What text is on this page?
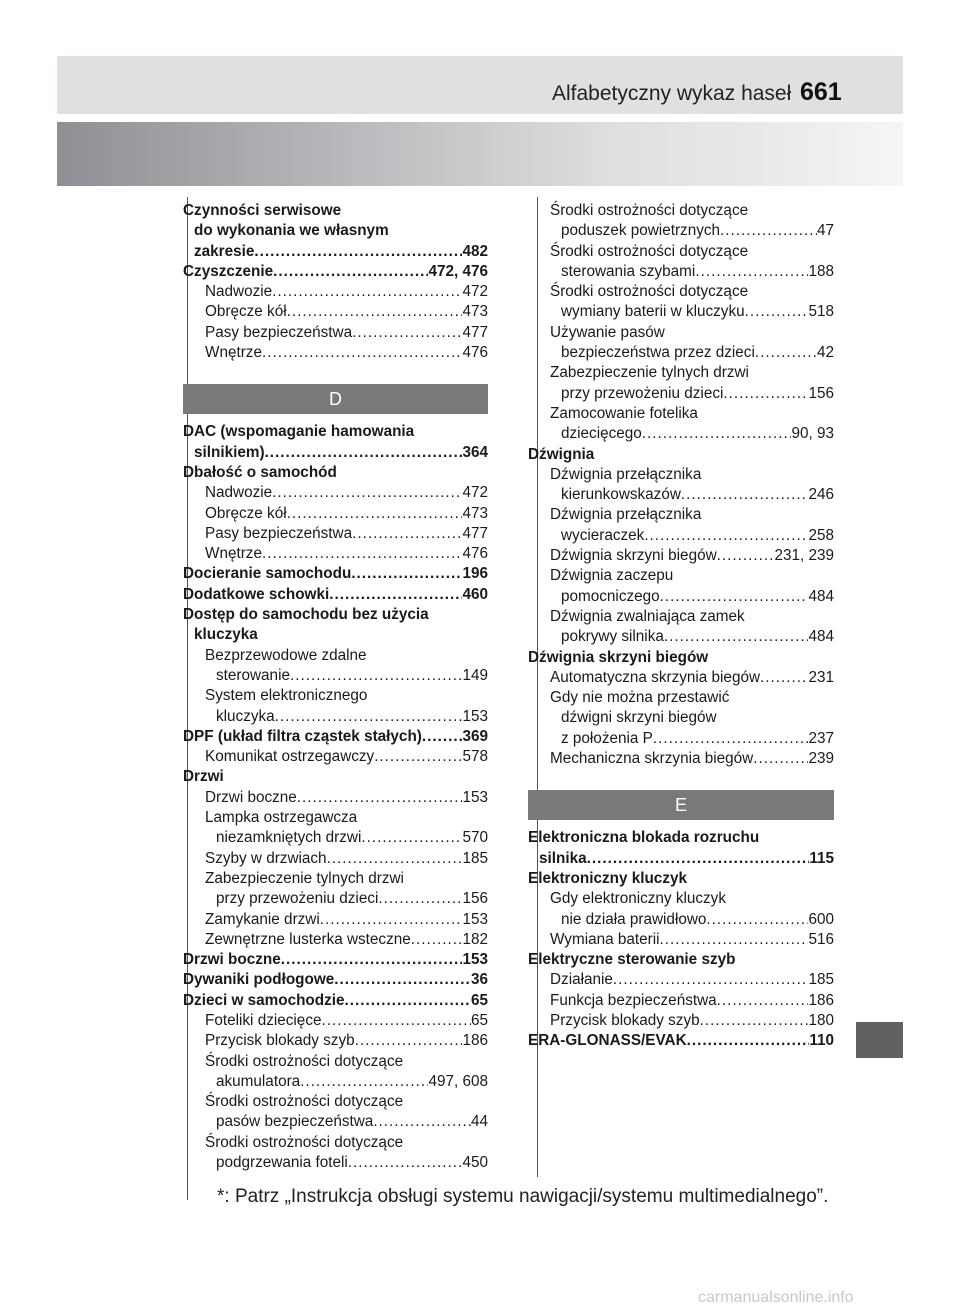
Alfabetyczny wykaz haseł 661
Czynności serwisowe
do wykonania we własnym
zakresie .....	482
Czyszczenie .....	472, 476
Nadwozie .....	472
Obręcze kół .....	473
Pasy bezpieczeństwa .....	477
Wnętrze .....	476
D
DAC (wspomaganie hamowania
silnikiem) .....	364
Dbałość o samochód
Nadwozie .....	472
Obręcze kół .....	473
Pasy bezpieczeństwa .....	477
Wnętrze .....	476
Docieranie samochodu .....	196
Dodatkowe schowki .....	460
Dostęp do samochodu bez użycia
kluczyka
Bezprzewodowe zdalne
sterowanie .....	149
System elektronicznego
kluczyka .....	153
DPF (układ filtra cząstek stałych) .....	369
Komunikat ostrzegawczy .....	578
Drzwi
Drzwi boczne .....	153
Lampka ostrzegawcza
niezamkniętych drzwi .....	570
Szyby w drzwiach .....	185
Zabezpieczenie tylnych drzwi
przy przewożeniu dzieci .....	156
Zamykanie drzwi .....	153
Zewnętrzne lusterka wsteczne .....	182
Drzwi boczne .....	153
Dywaniki podłogowe .....	36
Dzieci w samochodzie .....	65
Foteliki dziecięce .....	65
Przycisk blokady szyb .....	186
Środki ostrożności dotyczące
akumulatora .....	497, 608
Środki ostrożności dotyczące
pasów bezpieczeństwa .....	44
Środki ostrożności dotyczące
podgrzewania foteli .....	450
Środki ostrożności dotyczące
poduszek powietrznych .....	47
Środki ostrożności dotyczące
sterowania szybami .....	188
Środki ostrożności dotyczące
wymiany baterii w kluczyku .....	518
Używanie pasów
bezpieczeństwa przez dzieci .....	42
Zabezpieczenie tylnych drzwi
przy przewożeniu dzieci .....	156
Zamocowanie fotelika
dziecięcego .....	90, 93
Dźwignia
Dźwignia przełącznika
kierunkowskazów .....	246
Dźwignia przełącznika
wycieraczek .....	258
Dźwignia skrzyni biegów .....	231, 239
Dźwignia zaczepu
pomocniczego .....	484
Dźwignia zwalniająca zamek
pokrywy silnika .....	484
Dźwignia skrzyni biegów
Automatyczna skrzynia biegów .....	231
Gdy nie można przestawić
dźwigni skrzyni biegów
z położenia P .....	237
Mechaniczna skrzynia biegów .....	239
E
Elektroniczna blokada rozruchu
silnika .....	115
Elektroniczny kluczyk
Gdy elektroniczny kluczyk
nie działa prawidłowo .....	600
Wymiana baterii .....	516
Elektryczne sterowanie szyb
Działanie .....	185
Funkcja bezpieczeństwa .....	186
Przycisk blokady szyb .....	180
ERA-GLONASS/EVAK .....	110
*: Patrz „Instrukcja obsługi systemu nawigacji/systemu multimedialnego”.
carmanualsonline.info
